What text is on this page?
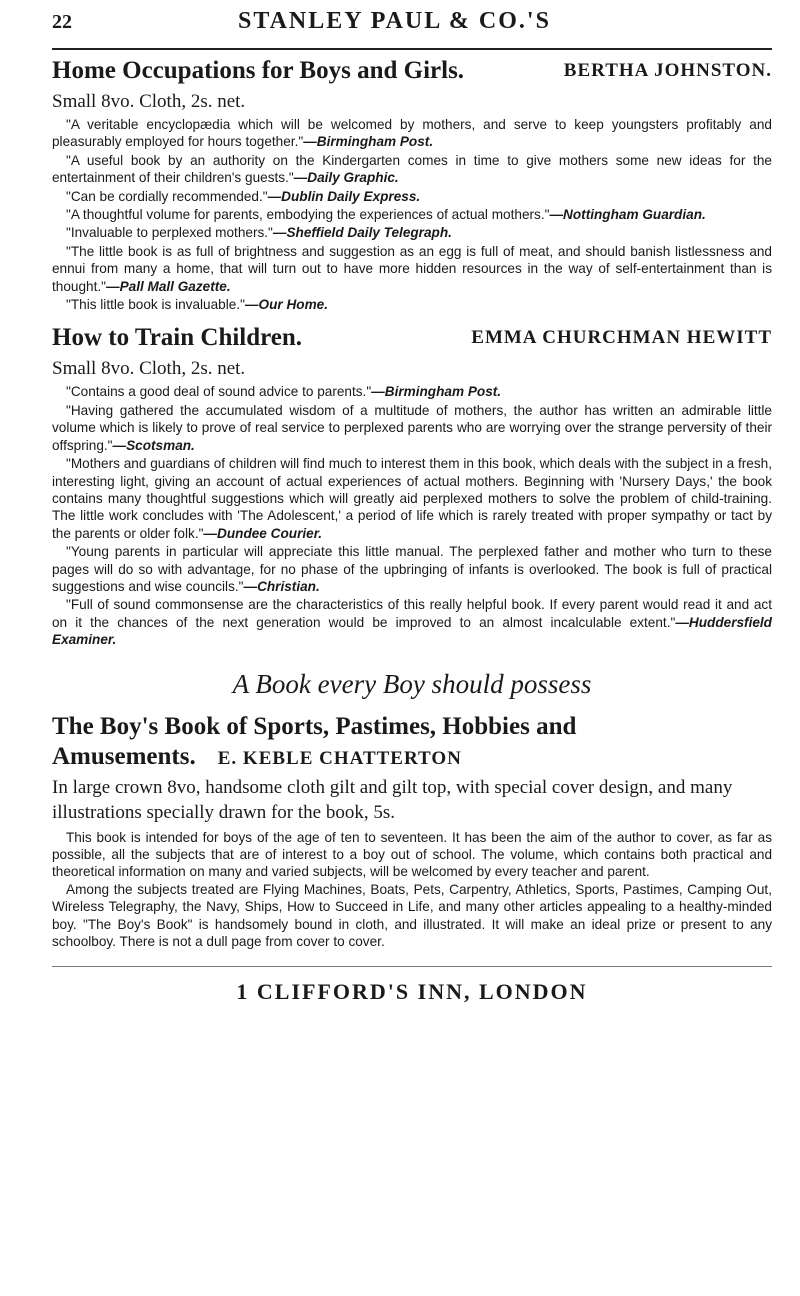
22	STANLEY PAUL & CO.'S
Home Occupations for Boys and Girls.	BERTHA JOHNSTON.
Small 8vo. Cloth, 2s. net.

"A veritable encyclopædia which will be welcomed by mothers, and serve to keep youngsters profitably and pleasurably employed for hours together."—Birmingham Post.

"A useful book by an authority on the Kindergarten comes in time to give mothers some new ideas for the entertainment of their children's guests."—Daily Graphic.

"Can be cordially recommended."—Dublin Daily Express.

"A thoughtful volume for parents, embodying the experiences of actual mothers."—Nottingham Guardian.

"Invaluable to perplexed mothers."—Sheffield Daily Telegraph.

"The little book is as full of brightness and suggestion as an egg is full of meat, and should banish listlessness and ennui from many a home, that will turn out to have more hidden resources in the way of self-entertainment than is thought."—Pall Mall Gazette.

"This little book is invaluable."—Our Home.

How to Train Children.	EMMA CHURCHMAN HEWITT
Small 8vo. Cloth, 2s. net.

"Contains a good deal of sound advice to parents."—Birmingham Post.

"Having gathered the accumulated wisdom of a multitude of mothers, the author has written an admirable little volume which is likely to prove of real service to perplexed parents who are worrying over the strange perversity of their offspring."—Scotsman.

"Mothers and guardians of children will find much to interest them in this book, which deals with the subject in a fresh, interesting light, giving an account of actual experiences of actual mothers. Beginning with 'Nursery Days,' the book contains many thoughtful suggestions which will greatly aid perplexed mothers to solve the problem of child-training. The little work concludes with 'The Adolescent,' a period of life which is rarely treated with proper sympathy or tact by the parents or older folk."—Dundee Courier.

"Young parents in particular will appreciate this little manual. The perplexed father and mother who turn to these pages will do so with advantage, for no phase of the upbringing of infants is overlooked. The book is full of practical suggestions and wise councils."—Christian.

"Full of sound commonsense are the characteristics of this really helpful book. If every parent would read it and act on it the chances of the next generation would be improved to an almost incalculable extent."—Huddersfield Examiner.

A Book every Boy should possess
The Boy's Book of Sports, Pastimes, Hobbies and
Amusements. E. KEBLE CHATTERTON
In large crown 8vo, handsome cloth gilt and gilt top, with special cover design, and many illustrations specially drawn for the book, 5s.

This book is intended for boys of the age of ten to seventeen. It has been the aim of the author to cover, as far as possible, all the subjects that are of interest to a boy out of school. The volume, which contains both practical and theoretical information on many and varied subjects, will be welcomed by every teacher and parent.

Among the subjects treated are Flying Machines, Boats, Pets, Carpentry, Athletics, Sports, Pastimes, Camping Out, Wireless Telegraphy, the Navy, Ships, How to Succeed in Life, and many other articles appealing to a healthy-minded boy. "The Boy's Book" is handsomely bound in cloth, and illustrated. It will make an ideal prize or present to any schoolboy. There is not a dull page from cover to cover.

1 CLIFFORD'S INN, LONDON
